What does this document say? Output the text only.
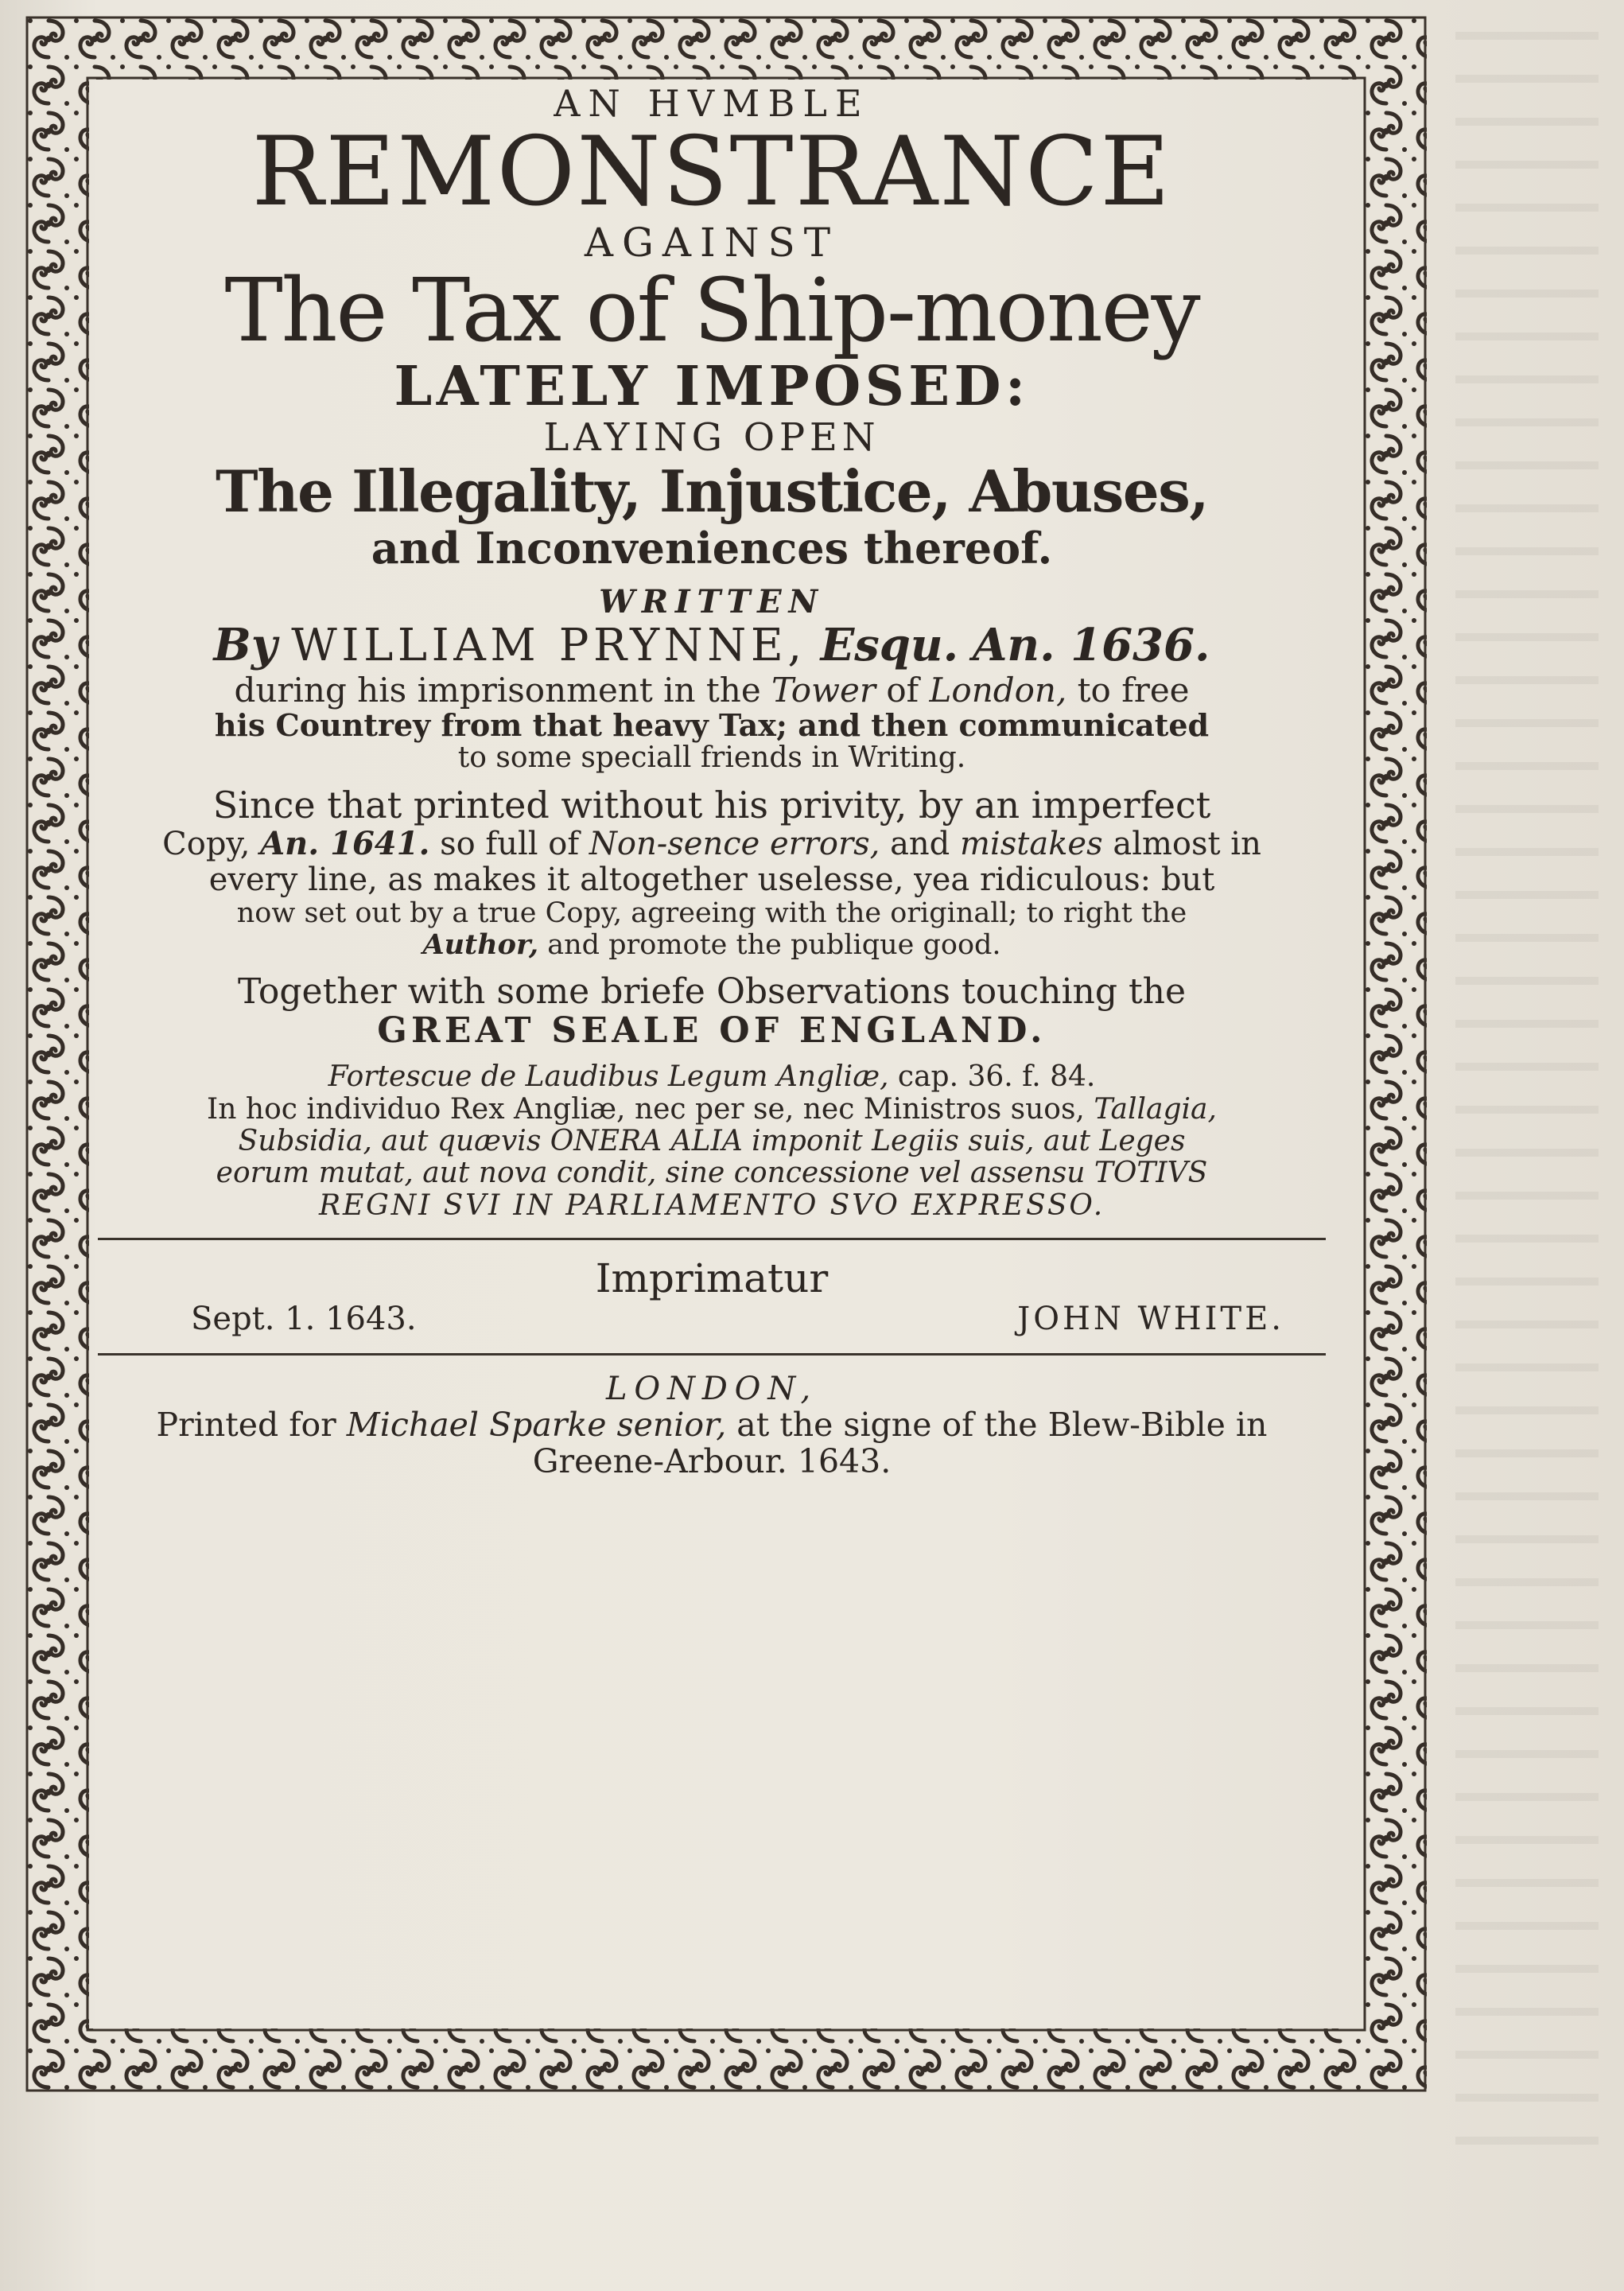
AN HVMBLE
REMONSTRANCE
AGAINST
The Tax of Ship-money
LATELY IMPOSED:
LAYING OPEN
The Illegality, Injustice, Abuses,
and Inconveniences thereof.
WRITTEN
By WILLIAM PRYNNE, Esqu. An. 1636.
during his imprisonment in the Tower of London, to free
his Countrey from that heavy Tax; and then communicated
to some speciall friends in Writing.
Since that printed without his privity, by an imperfect
Copy, An. 1641. so full of Non-sence errors, and mistakes almost in
every line, as makes it altogether uselesse, yea ridiculous: but
now set out by a true Copy, agreeing with the originall; to right the
Author, and promote the publique good.
Together with some briefe Observations touching the
GREAT SEALE OF ENGLAND.
Fortescue de Laudibus Legum Angliæ, cap. 36. f. 84.
In hoc individuo Rex Angliæ, nec per se, nec Ministros suos, Tallagia,
Subsidia, aut quævis ONERA ALIA imponit Legiis suis, aut Leges
eorum mutat, aut nova condit, sine concessione vel assensu TOTIVS
REGNI SVI IN PARLIAMENTO SVO EXPRESSO.
Imprimatur
Sept. 1. 1643.	JOHN WHITE.
LONDON,
Printed for Michael Sparke senior, at the signe of the Blew-Bible in
Greene-Arbour. 1643.
